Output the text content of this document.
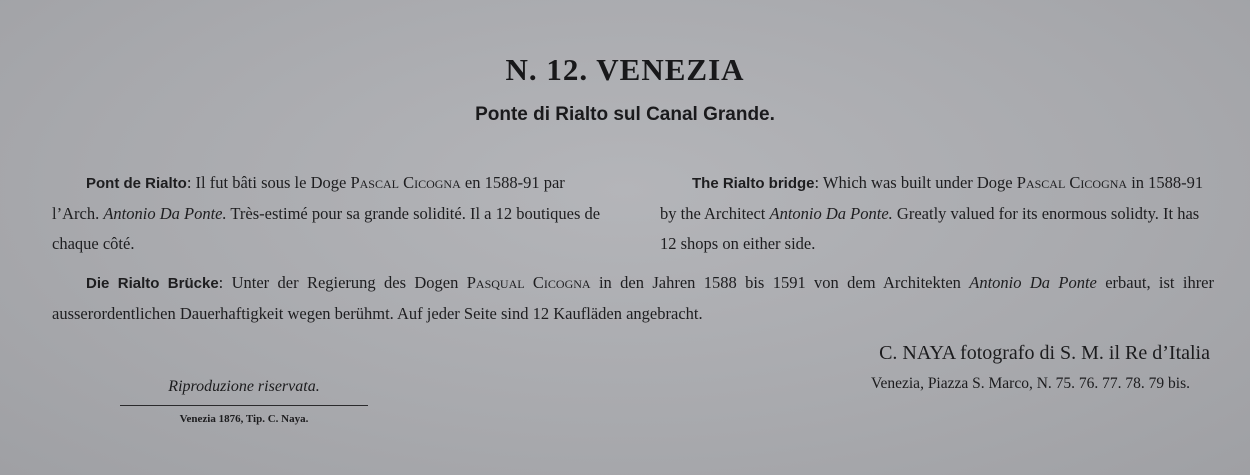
N. 12. VENEZIA
Ponte di Rialto sul Canal Grande.
Pont de Rialto: Il fut bâti sous le Doge Pascal Cicogna en 1588-91 par l’Arch. Antonio Da Ponte. Très-estimé pour sa grande solidité. Il a 12 boutiques de chaque côté.
The Rialto bridge: Which was built under Doge Pascal Cicogna in 1588-91 by the Architect Antonio Da Ponte. Greatly valued for its enormous solidty. It has 12 shops on either side.
Die Rialto Brücke: Unter der Regierung des Dogen Pasqual Cicogna in den Jahren 1588 bis 1591 von dem Architekten Antonio Da Ponte erbaut, ist ihrer ausserordentlichen Dauerhaftigkeit wegen berühmt. Auf jeder Seite sind 12 Kaufläden angebracht.
C. NAYA fotografo di S. M. il Re d’Italia
Venezia, Piazza S. Marco, N. 75. 76. 77. 78. 79 bis.
Riproduzione riservata.
Venezia 1876, Tip. C. Naya.
